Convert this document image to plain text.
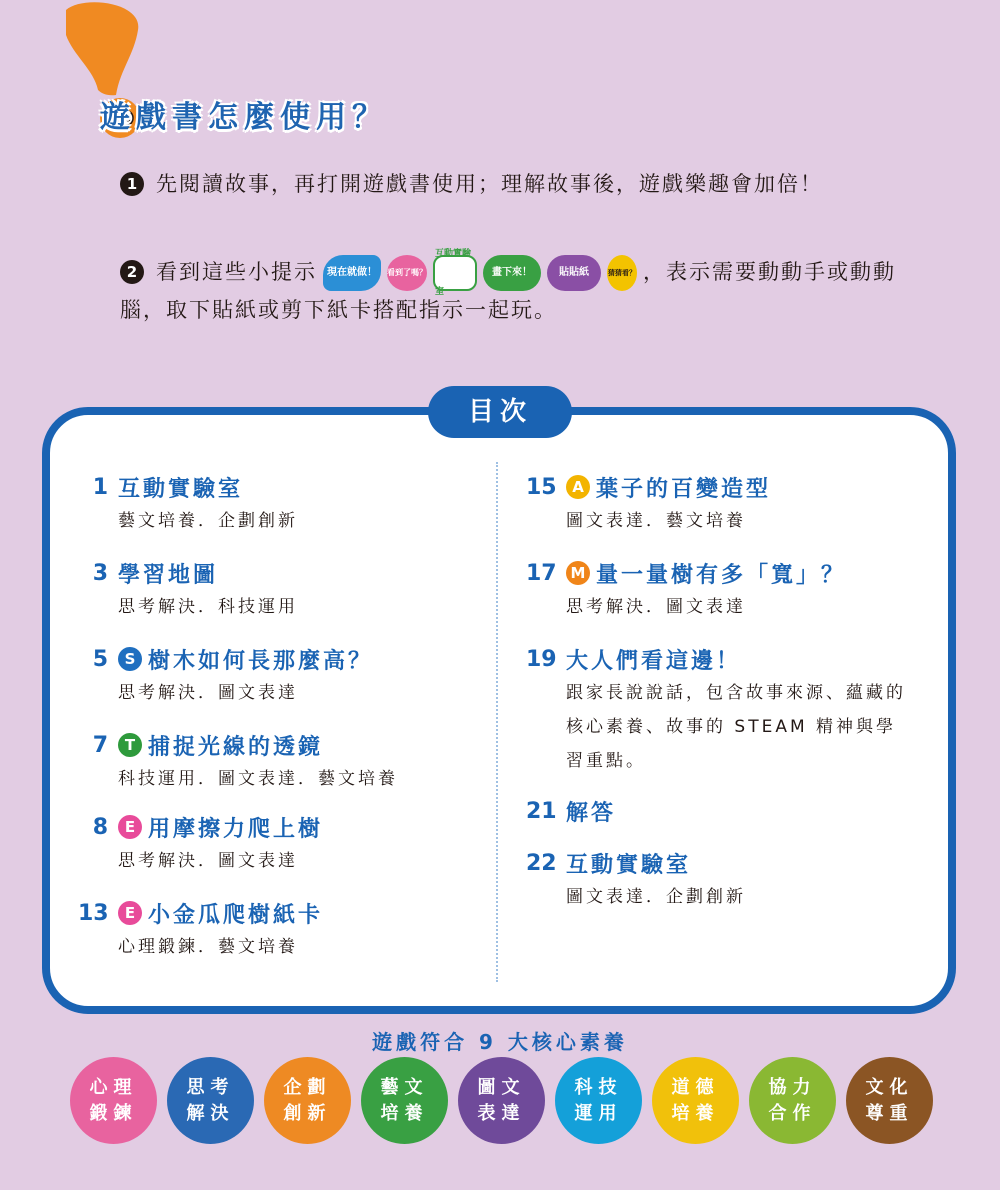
遊戲書怎麼使用？
1 先閱讀故事，再打開遊戲書使用；理解故事後，遊戲樂趣會加倍！
2 看到這些小提示	現在就做！	看到了嗎？
互動實驗室
畫下來！	貼貼紙	猜猜看？ ，表示需要動動手或動動腦，取下貼紙或剪下紙卡搭配指示一起玩。
目次
1 互動實驗室
藝文培養．企劃創新
3 學習地圖
思考解決．科技運用
5	S 樹木如何長那麼高？
思考解決．圖文表達
7	T 捕捉光線的透鏡
科技運用．圖文表達．藝文培養
8	E 用摩擦力爬上樹
思考解決．圖文表達
13	E 小金瓜爬樹紙卡
心理鍛鍊．藝文培養
15	A 葉子的百變造型
圖文表達．藝文培養
17 M 量一量樹有多「寬」？
思考解決．圖文表達
19 大人們看這邊！
跟家長說說話，包含故事來源、蘊藏的核心素養、故事的 STEAM 精神與學習重點。
21 解答
22 互動實驗室
圖文表達．企劃創新
遊戲符合 9 大核心素養
心理
鍛鍊
思考
解決
企劃
創新
藝文
培養
圖文
表達
科技
運用
道德
培養
協力
合作
文化
尊重
